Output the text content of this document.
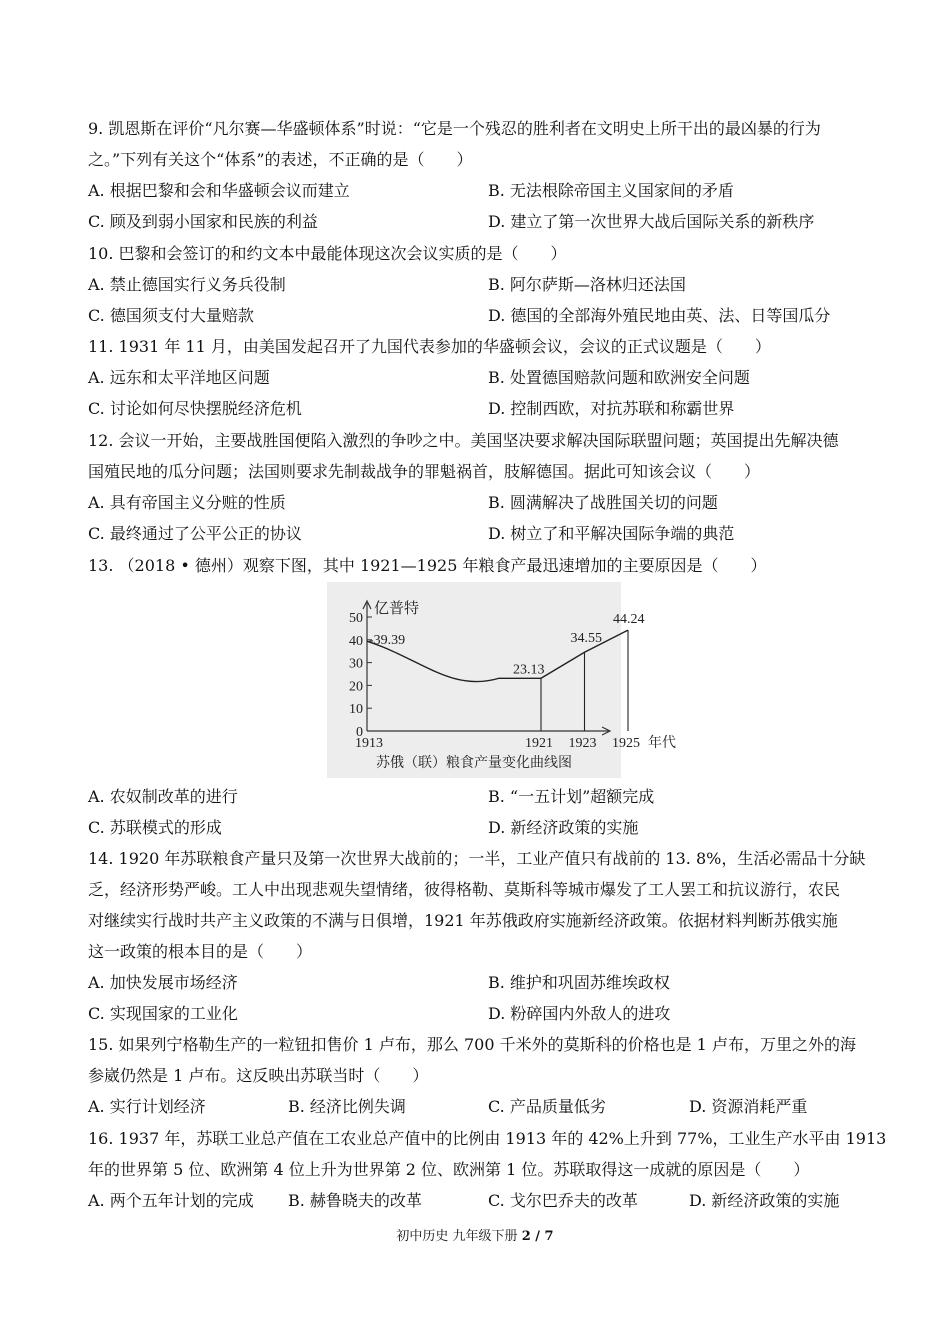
9. 凯恩斯在评价“凡尔赛—华盛顿体系”时说：“它是一个残忍的胜利者在文明史上所干出的最凶暴的行为
之。”下列有关这个“体系”的表述，不正确的是（　　）
A. 根据巴黎和会和华盛顿会议而建立	B. 无法根除帝国主义国家间的矛盾
C. 顾及到弱小国家和民族的利益	D. 建立了第一次世界大战后国际关系的新秩序
10. 巴黎和会签订的和约文本中最能体现这次会议实质的是（　　）
A. 禁止德国实行义务兵役制	B. 阿尔萨斯—洛林归还法国
C. 德国须支付大量赔款	D. 德国的全部海外殖民地由英、法、日等国瓜分
11. 1931 年 11 月，由美国发起召开了九国代表参加的华盛顿会议，会议的正式议题是（　　）
A. 远东和太平洋地区问题	B. 处置德国赔款问题和欧洲安全问题
C. 讨论如何尽快摆脱经济危机	D. 控制西欧，对抗苏联和称霸世界
12. 会议一开始，主要战胜国便陷入激烈的争吵之中。美国坚决要求解决国际联盟问题；英国提出先解决德
国殖民地的瓜分问题；法国则要求先制裁战争的罪魁祸首，肢解德国。据此可知该会议（　　）
A. 具有帝国主义分赃的性质	B. 圆满解决了战胜国关切的问题
C. 最终通过了公平公正的协议	D. 树立了和平解决国际争端的典范
13. （2018 • 德州）观察下图，其中 1921—1925 年粮食产最迅速增加的主要原因是（　　）
0
10
20
30
40
50
亿普特
-39.39
23.13
34.55
44.24
1913	1921 1923 1925 年代
苏俄（联）粮食产量变化曲线图
A. 农奴制改革的进行	B. “一五计划”超额完成
C. 苏联模式的形成	D. 新经济政策的实施
14. 1920 年苏联粮食产量只及第一次世界大战前的；一半，工业产值只有战前的 13. 8%，生活必需品十分缺
乏，经济形势严峻。工人中出现悲观失望情绪，彼得格勒、莫斯科等城市爆发了工人罢工和抗议游行，农民
对继续实行战时共产主义政策的不满与日俱增，1921 年苏俄政府实施新经济政策。依据材料判断苏俄实施
这一政策的根本目的是（　　）
A. 加快发展市场经济	B. 维护和巩固苏维埃政权
C. 实现国家的工业化	D. 粉碎国内外敌人的进攻
15. 如果列宁格勒生产的一粒钮扣售价 1 卢布，那么 700 千米外的莫斯科的价格也是 1 卢布，万里之外的海
参崴仍然是 1 卢布。这反映出苏联当时（　　）
A. 实行计划经济	B. 经济比例失调	C. 产品质量低劣	D. 资源消耗严重
16. 1937 年，苏联工业总产值在工农业总产值中的比例由 1913 年的 42%上升到 77%，工业生产水平由 1913
年的世界第 5 位、欧洲第 4 位上升为世界第 2 位、欧洲第 1 位。苏联取得这一成就的原因是（　　）
A. 两个五年计划的完成 B. 赫鲁晓夫的改革	C. 戈尔巴乔夫的改革	D. 新经济政策的实施
初中历史 九年级下册 2 / 7
